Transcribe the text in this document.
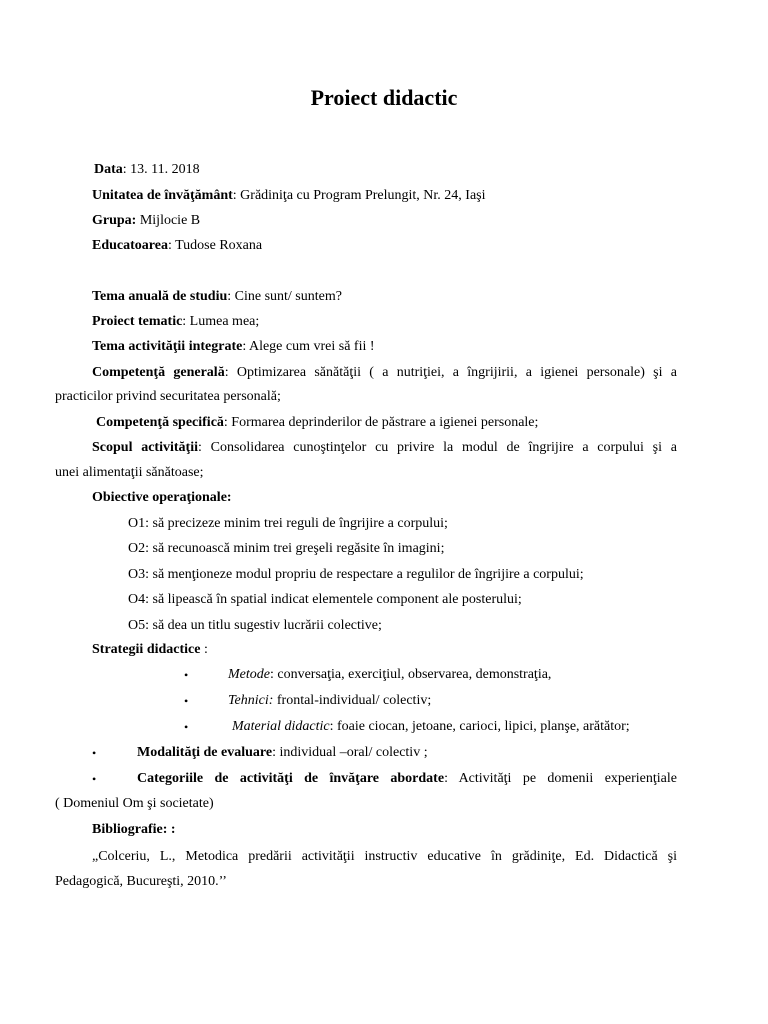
Proiect didactic
Data: 13. 11. 2018
Unitatea de învăţământ: Grădiniţa cu Program Prelungit, Nr. 24, Iaşi
Grupa: Mijlocie B
Educatoarea: Tudose Roxana
Tema anuală de studiu: Cine sunt/ suntem?
Proiect tematic: Lumea mea;
Tema activităţii integrate: Alege cum vrei să fii !
Competenţă generală: Optimizarea sănătăţii ( a nutriţiei, a îngrijirii, a igienei personale) şi a
practicilor privind securitatea personală;
Competenţă specifică: Formarea deprinderilor de păstrare a igienei personale;
Scopul activităţii: Consolidarea cunoştinţelor cu privire la modul de îngrijire a corpului şi a
unei alimentaţii sănătoase;
Obiective operaţionale:
O1: să precizeze minim trei reguli de îngrijire a corpului;
O2: să recunoască minim trei greşeli regăsite în imagini;
O3: să menţioneze modul propriu de respectare a regulilor de îngrijire a corpului;
O4: să lipească în spatial indicat elementele component ale posterului;
O5: să dea un titlu sugestiv lucrării colective;
Strategii didactice :
•	Metode: conversaţia, exerciţiul, observarea, demonstraţia,
•	Tehnici: frontal-individual/ colectiv;
•	Material didactic: foaie ciocan, jetoane, carioci, lipici, planşe, arătător;
•	Modalităţi de evaluare: individual –oral/ colectiv ;
•	Categoriile de activităţi de învăţare abordate: Activităţi pe domenii experienţiale
( Domeniul Om şi societate)
Bibliografie: :
„Colceriu, L., Metodica predării activităţii instructiv educative în grădiniţe, Ed. Didactică şi
Pedagogică, Bucureşti, 2010.’’
